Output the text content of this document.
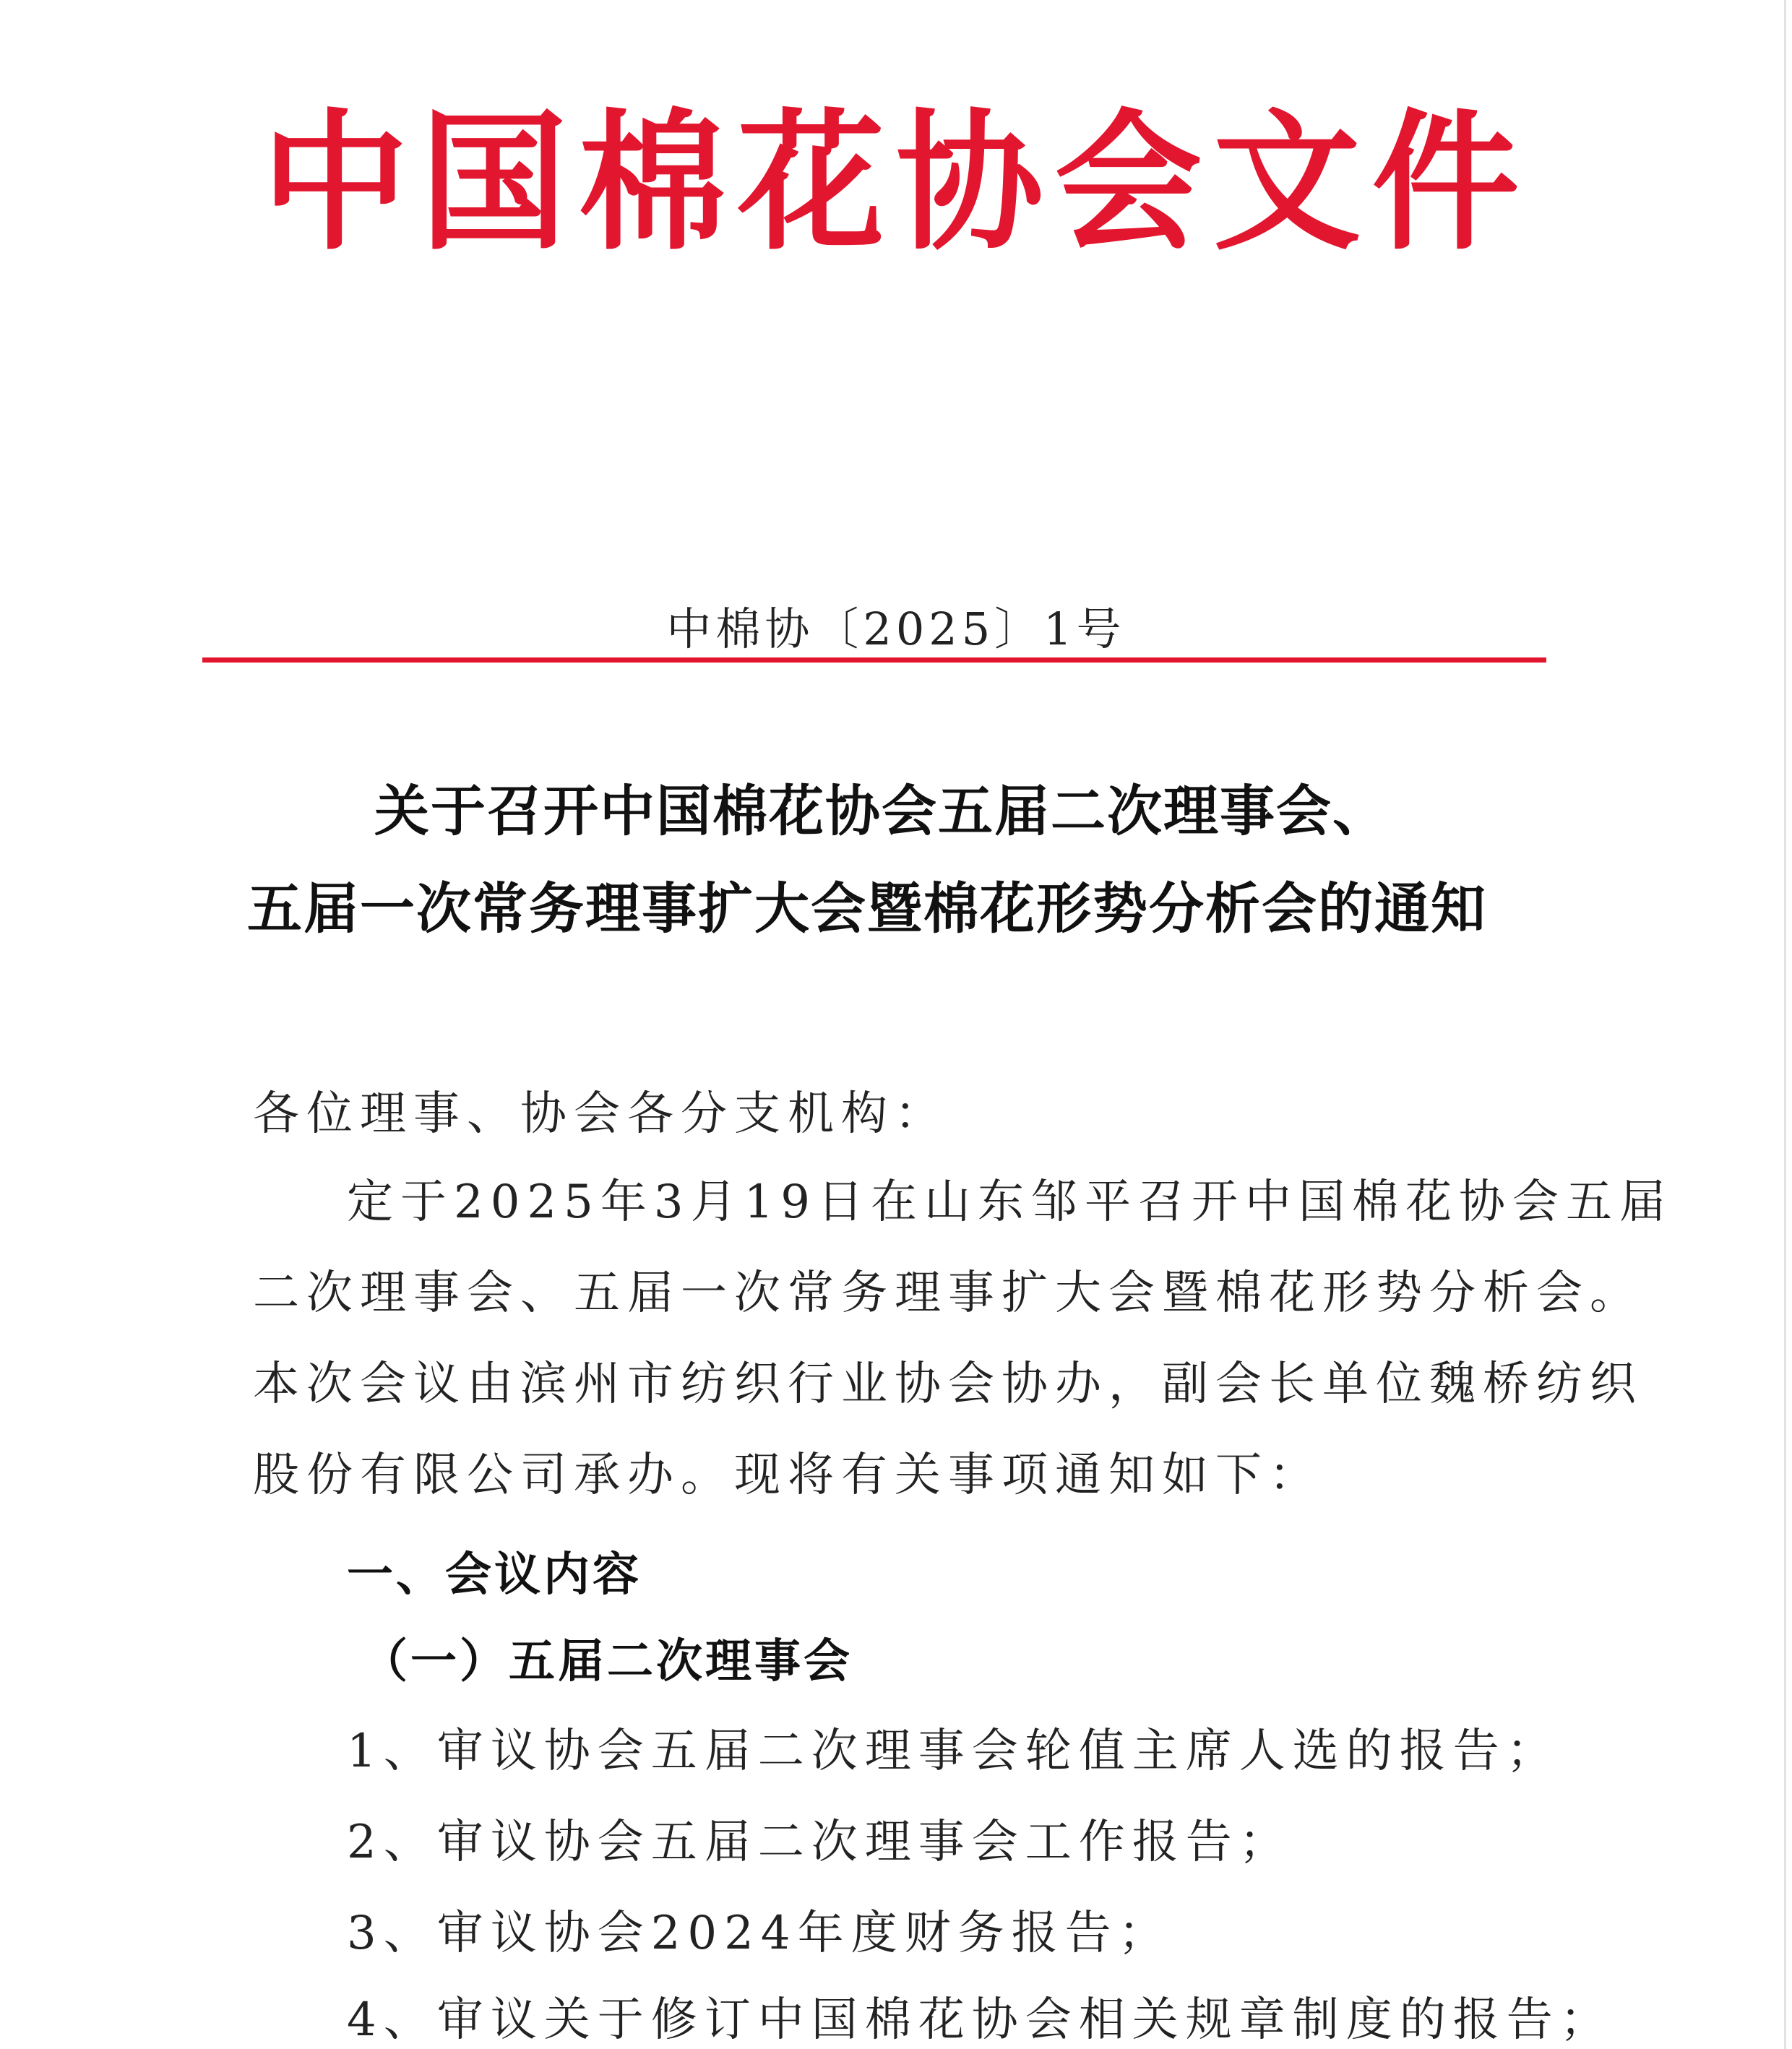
中国棉花协会文件
中棉协〔2025〕1号
关于召开中国棉花协会五届二次理事会、
五届一次常务理事扩大会暨棉花形势分析会的通知
各位理事、协会各分支机构：
定于2025年3月19日在山东邹平召开中国棉花协会五届
二次理事会、五届一次常务理事扩大会暨棉花形势分析会。
本次会议由滨州市纺织行业协会协办，副会长单位魏桥纺织
股份有限公司承办。现将有关事项通知如下：
一、会议内容
（一）五届二次理事会
1、审议协会五届二次理事会轮值主席人选的报告；
2、审议协会五届二次理事会工作报告；
3、审议协会2024年度财务报告；
4、审议关于修订中国棉花协会相关规章制度的报告；
